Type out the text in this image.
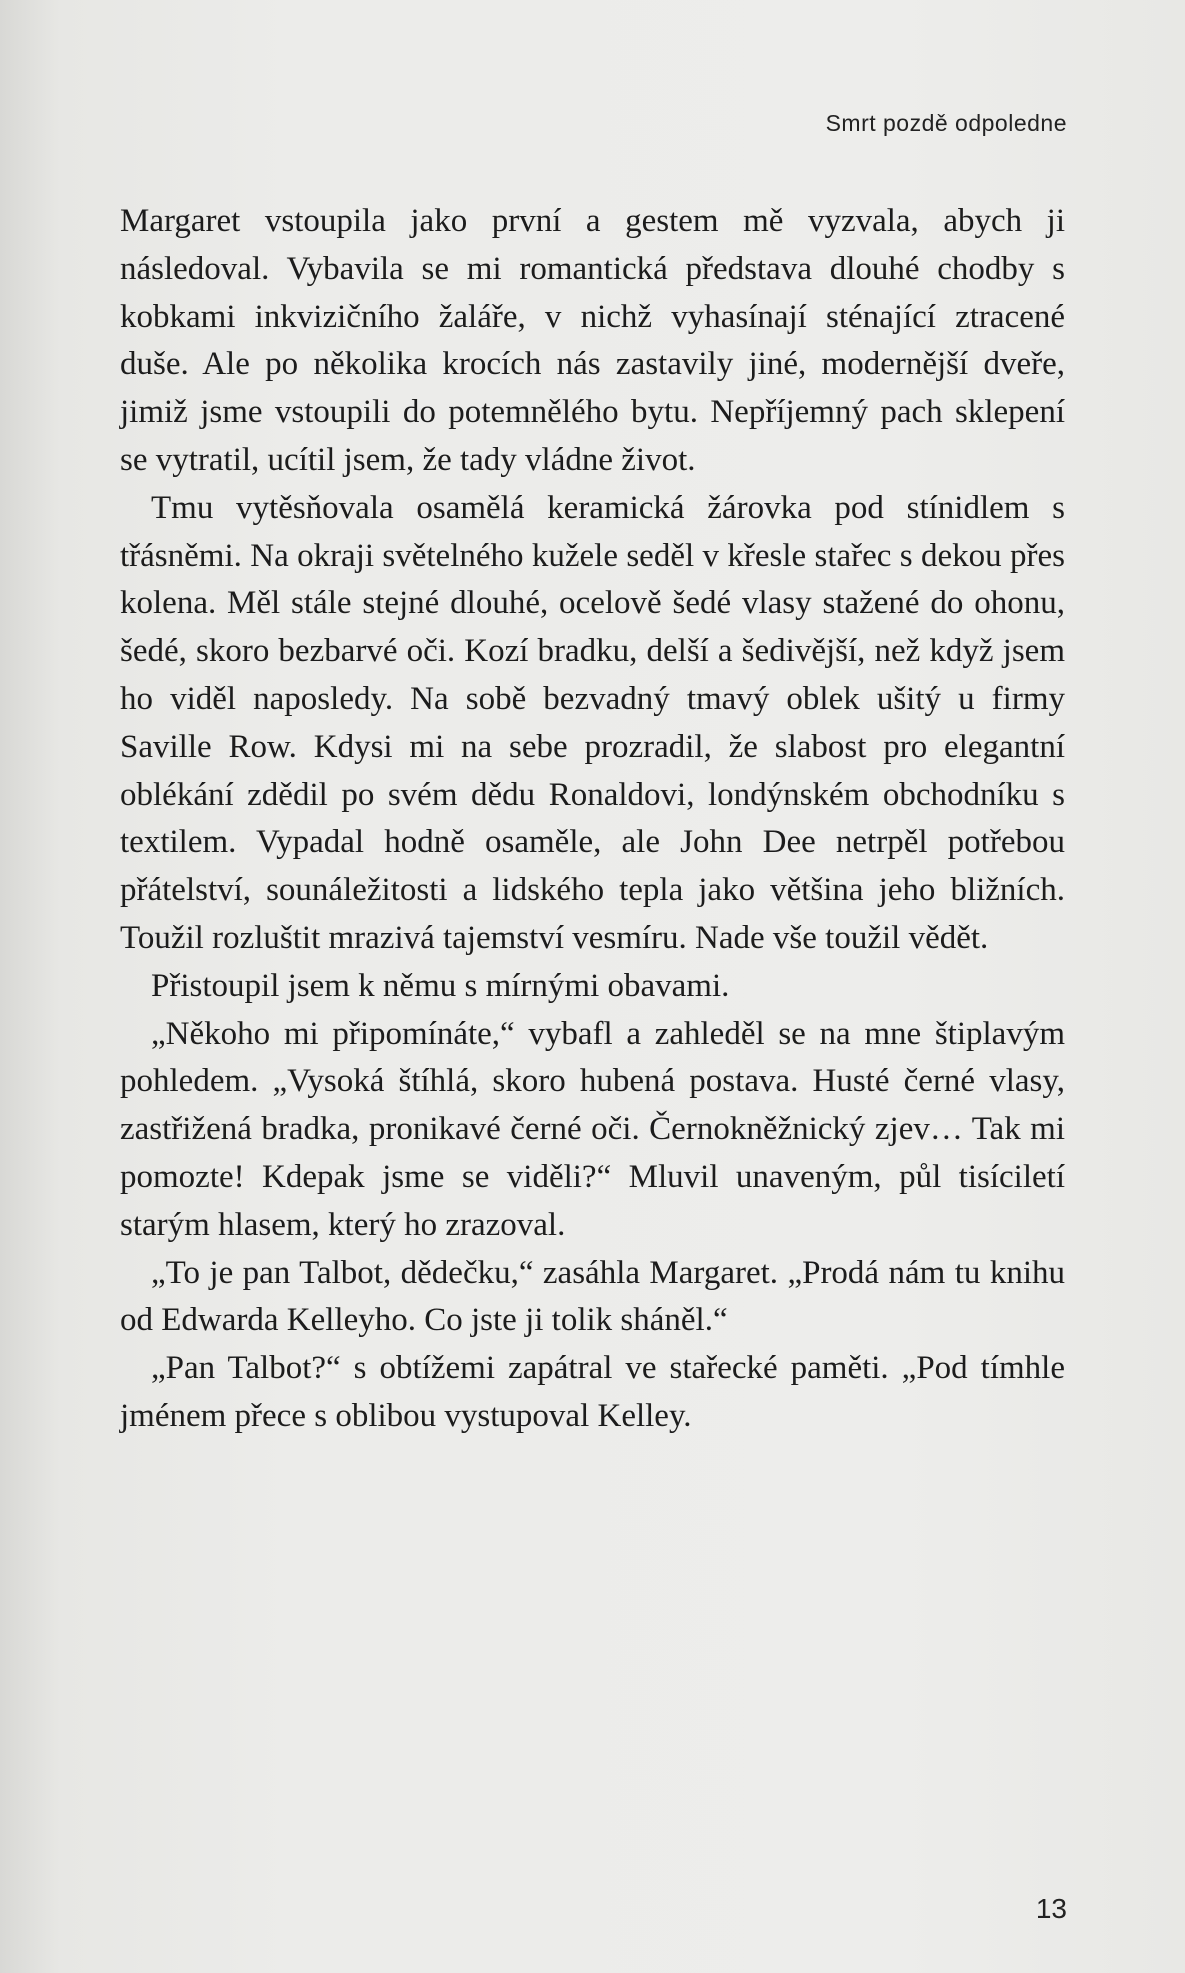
Smrt pozdě odpoledne

Margaret vstoupila jako první a gestem mě vyzvala, abych ji následoval. Vybavila se mi romantická představa dlouhé chodby s kobkami inkvizičního žaláře, v nichž vyhasínají sténající ztracené duše. Ale po několika krocích nás zastavily jiné, modernější dveře, jimiž jsme vstoupili do potemnělého bytu. Nepříjemný pach sklepení se vytratil, ucítil jsem, že tady vládne život.

Tmu vytěsňovala osamělá keramická žárovka pod stínidlem s třásněmi. Na okraji světelného kužele seděl v křesle stařec s dekou přes kolena. Měl stále stejné dlouhé, ocelově šedé vlasy stažené do ohonu, šedé, skoro bezbarvé oči. Kozí bradku, delší a šedivější, než když jsem ho viděl naposledy. Na sobě bezvadný tmavý oblek ušitý u firmy Saville Row. Kdysi mi na sebe prozradil, že slabost pro elegantní oblékání zdědil po svém dědu Ronaldovi, londýnském obchodníku s textilem. Vypadal hodně osaměle, ale John Dee netrpěl potřebou přátelství, sounáležitosti a lidského tepla jako většina jeho bližních. Toužil rozluštit mrazivá tajemství vesmíru. Nade vše toužil vědět.

Přistoupil jsem k němu s mírnými obavami.

„Někoho mi připomínáte,“ vybafl a zahleděl se na mne štiplavým pohledem. „Vysoká štíhlá, skoro hubená postava. Husté černé vlasy, zastřižená bradka, pronikavé černé oči. Černokněžnický zjev… Tak mi pomozte! Kdepak jsme se viděli?“ Mluvil unaveným, půl tisíciletí starým hlasem, který ho zrazoval.

„To je pan Talbot, dědečku,“ zasáhla Margaret. „Prodá nám tu knihu od Edwarda Kelleyho. Co jste ji tolik sháněl.“

„Pan Talbot?“ s obtížemi zapátral ve stařecké paměti. „Pod tímhle jménem přece s oblibou vystupoval Kelley.

13
